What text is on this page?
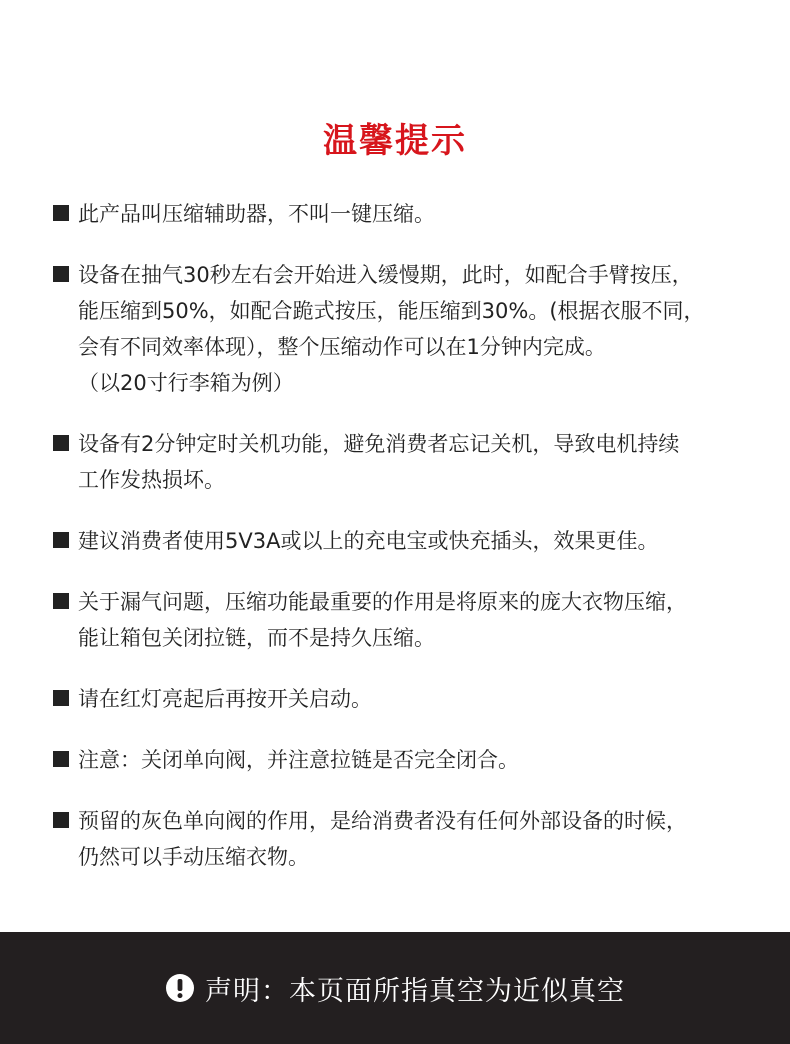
温馨提示
此产品叫压缩辅助器，不叫一键压缩。
设备在抽气30秒左右会开始进入缓慢期，此时，如配合手臂按压，
能压缩到50%，如配合跪式按压，能压缩到30%。(根据衣服不同，
会有不同效率体现），整个压缩动作可以在1分钟内完成。
（以20寸行李箱为例）
设备有2分钟定时关机功能，避免消费者忘记关机，导致电机持续
工作发热损坏。
建议消费者使用5V3A或以上的充电宝或快充插头，效果更佳。
关于漏气问题，压缩功能最重要的作用是将原来的庞大衣物压缩，
能让箱包关闭拉链，而不是持久压缩。
请在红灯亮起后再按开关启动。
注意：关闭单向阀，并注意拉链是否完全闭合。
预留的灰色单向阀的作用，是给消费者没有任何外部设备的时候，
仍然可以手动压缩衣物。
声明：本页面所指真空为近似真空
